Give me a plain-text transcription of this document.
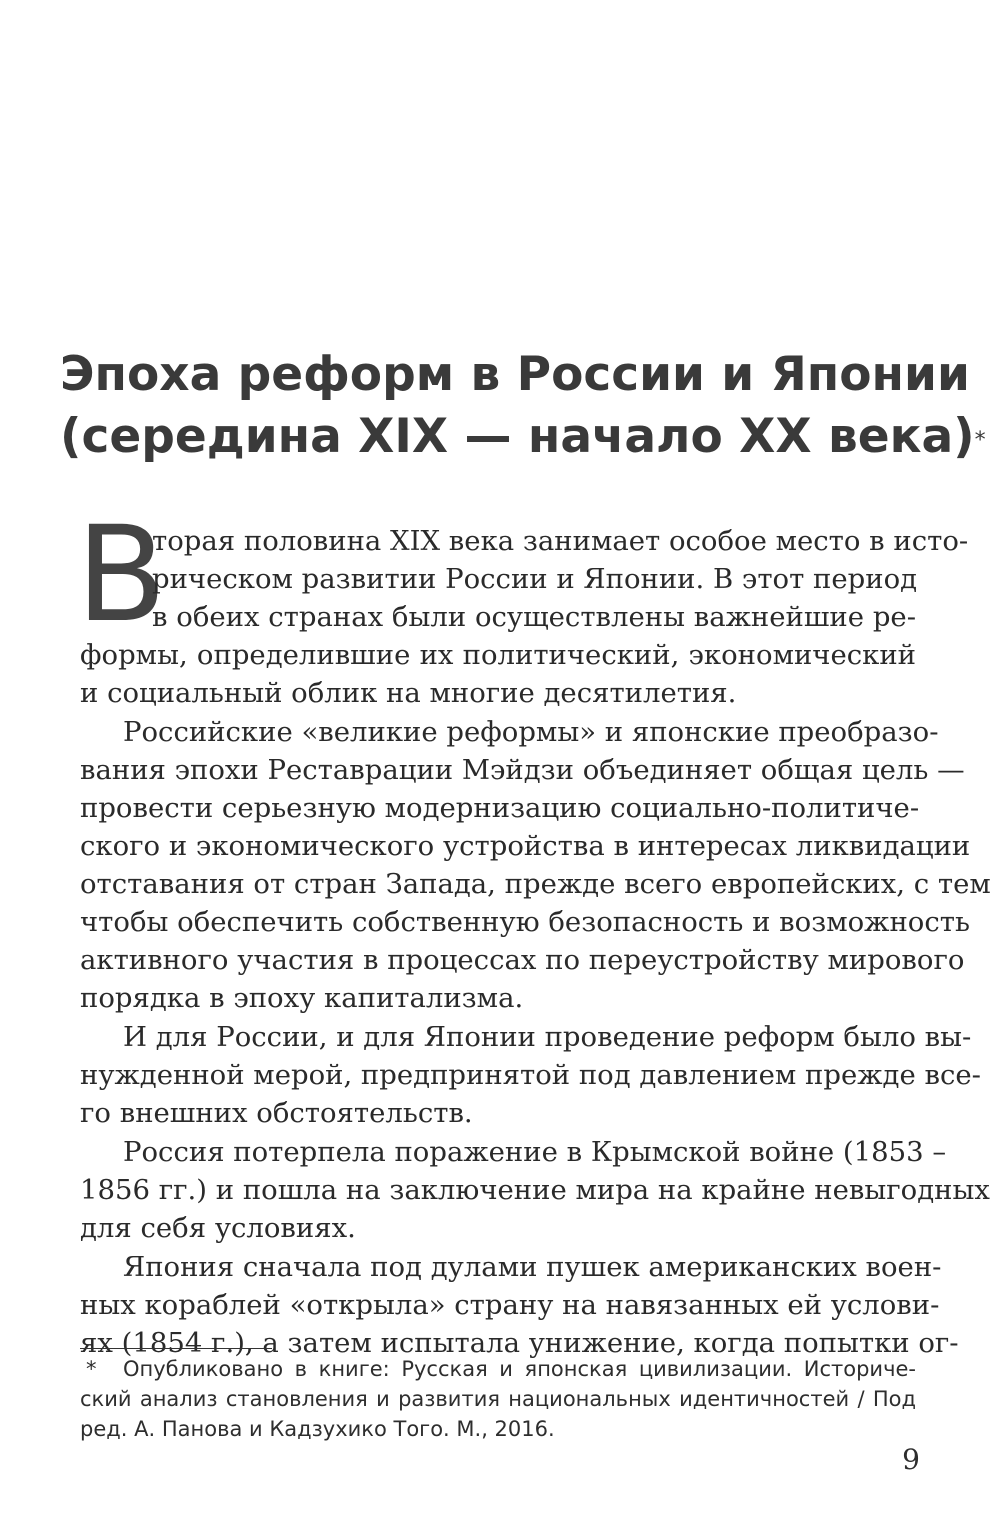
Эпоха реформ в России и Японии
(середина XIX — начало XX века)*
В
торая половина XIX века занимает особое место в исто-
рическом развитии России и Японии. В этот период
в обеих странах были осуществлены важнейшие ре-
формы, определившие их политический, экономический
и социальный облик на многие десятилетия.
Российские «великие реформы» и японские преобразо-
вания эпохи Реставрации Мэйдзи объединяет общая цель —
провести серьезную модернизацию социально-политиче-
ского и экономического устройства в интересах ликвидации
отставания от стран Запада, прежде всего европейских, с тем
чтобы обеспечить собственную безопасность и возможность
активного участия в процессах по переустройству мирового
порядка в эпоху капитализма.
И для России, и для Японии проведение реформ было вы-
нужденной мерой, предпринятой под давлением прежде все-
го внешних обстоятельств.
Россия потерпела поражение в Крымской войне (1853 –
1856 гг.) и пошла на заключение мира на крайне невыгодных
для себя условиях.
Япония сначала под дулами пушек американских воен-
ных кораблей «открыла» страну на навязанных ей услови-
ях (1854 г.), а затем испытала унижение, когда попытки ог-
* Опубликовано в книге: Русская и японская цивилизации. Историче-
ский анализ становления и развития национальных идентичностей / Под
ред. А. Панова и Кадзухико Того. М., 2016.
9
